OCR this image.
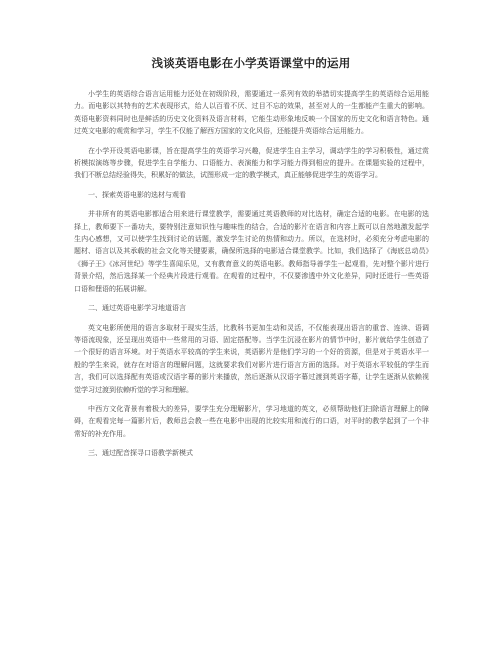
浅谈英语电影在小学英语课堂中的运用

小学生的英语综合语言运用能力还处在初级阶段，需要通过一系列有效的举措切实提高学生的英语综合运用能力。而电影以其特有的艺术表现形式，给人以百看不厌、过目不忘的效果，甚至对人的一生都能产生重大的影响。英语电影资料同时也是鲜活的历史文化资料及语言材料，它能生动形象地反映一个国家的历史文化和语言特色。通过英文电影的观赏和学习，学生不仅能了解西方国家的文化风俗，还能提升英语综合运用能力。

在小学开设英语电影课，旨在提高学生的英语学习兴趣，促进学生自主学习，调动学生的学习积极性，通过赏析模拟演练等步骤，促进学生自学能力、口语能力、表演能力和学习能力得到相应的提升。在课题实验的过程中，我们不断总结经验得失，积累好的做法，试图形成一定的教学模式，真正能够促进学生的英语学习。

一、探索英语电影的选材与观看

并非所有的英语电影都适合用来进行课堂教学，需要通过英语教师的对比选材，确定合适的电影。在电影的选择上，教师要下一番功夫，要特别注意知识性与趣味性的结合，合适的影片在语言和内容上既可以自然地激发起学生内心感想，又可以使学生找到讨论的话题，激发学生讨论的热情和动力。所以，在选材时，必须充分考虑电影的题材、语言以及其承载的社会文化等关键要素，确保所选择的电影适合课堂教学。比如，我们选择了《海底总动员》《狮子王》《冰河世纪》等学生喜闻乐见，又有教育意义的英语电影。教师指导善学生一起观看，先对整个影片进行背景介绍，然后选择某一个经典片段进行观看。在观看的过程中，不仅要渗透中外文化差异，同时还进行一些英语口语和俚语的拓展讲解。

二、通过英语电影学习地道语言

英文电影所使用的语言多取材于现实生活，比教科书更加生动和灵活，不仅能表现出语言的重音、连读、语调等语流现象，还呈现出英语中一些常用的习语、固定搭配等。当学生沉浸在影片的情节中时，影片就给学生创造了一个很好的语言环境。对于英语水平较高的学生来说，英语影片是他们学习的一个好的资源，但是对于英语水平一般的学生来说，就存在对语言的理解问题，这就要求我们对影片进行语言方面的选择。对于英语水平较低的学生而言，我们可以选择配有英语或汉语字幕的影片来播放，然后逐渐从汉语字幕过渡到英语字幕，让学生逐渐从依赖视觉学习过渡到依赖听觉的学习和理解。

中西方文化背景有着极大的差异，要学生充分理解影片，学习地道的英文，必须帮助他们扫除语言理解上的障碍，在观看完每一篇影片后，教师总会教一些在电影中出现的比较实用和流行的口语，对平时的教学起到了一个非常好的补充作用。

三、通过配音探寻口语教学新模式
